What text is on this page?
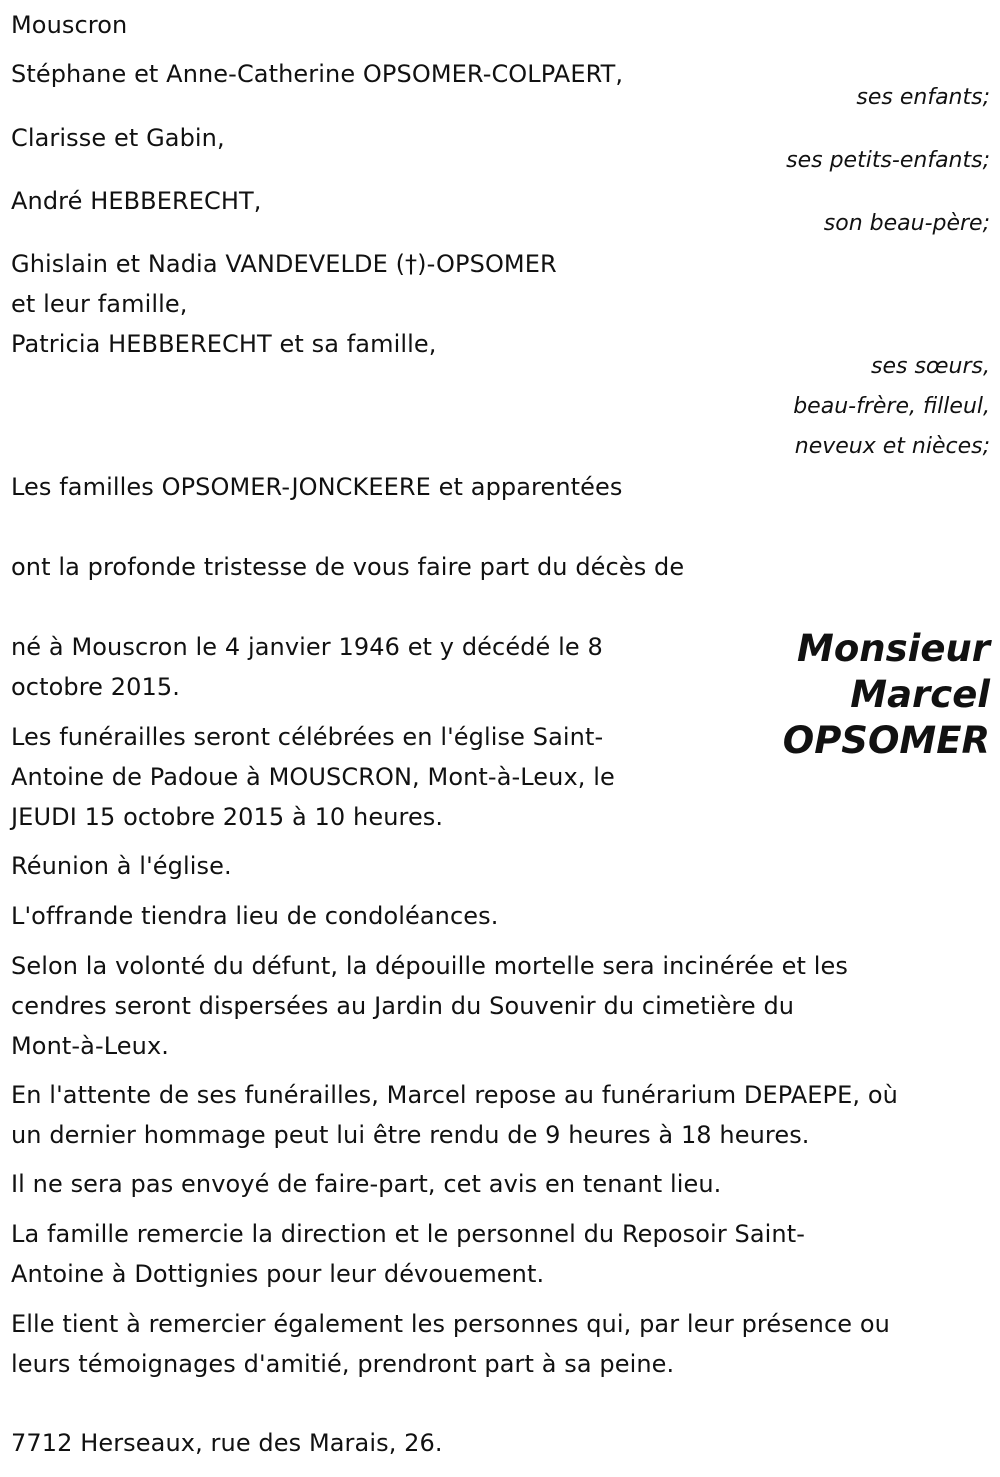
Mouscron
Stéphane et Anne-Catherine OPSOMER-COLPAERT,
ses enfants;
Clarisse et Gabin,
ses petits-enfants;
André HEBBERECHT,
son beau-père;
Ghislain et Nadia VANDEVELDE (†)-OPSOMER
et leur famille,
Patricia HEBBERECHT et sa famille,
ses sœurs,
beau-frère, filleul,
neveux et nièces;
Les familles OPSOMER-JONCKEERE et apparentées
ont la profonde tristesse de vous faire part du décès de
Monsieur
Marcel
OPSOMER
né à Mouscron le 4 janvier 1946 et y décédé le 8
octobre 2015.
Les funérailles seront célébrées en l'église Saint-
Antoine de Padoue à MOUSCRON, Mont-à-Leux, le
JEUDI 15 octobre 2015 à 10 heures.
Réunion à l'église.
L'offrande tiendra lieu de condoléances.
Selon la volonté du défunt, la dépouille mortelle sera incinérée et les
cendres seront dispersées au Jardin du Souvenir du cimetière du
Mont-à-Leux.
En l'attente de ses funérailles, Marcel repose au funérarium DEPAEPE, où
un dernier hommage peut lui être rendu de 9 heures à 18 heures.
Il ne sera pas envoyé de faire-part, cet avis en tenant lieu.
La famille remercie la direction et le personnel du Reposoir Saint-
Antoine à Dottignies pour leur dévouement.
Elle tient à remercier également les personnes qui, par leur présence ou
leurs témoignages d'amitié, prendront part à sa peine.
7712 Herseaux, rue des Marais, 26.
